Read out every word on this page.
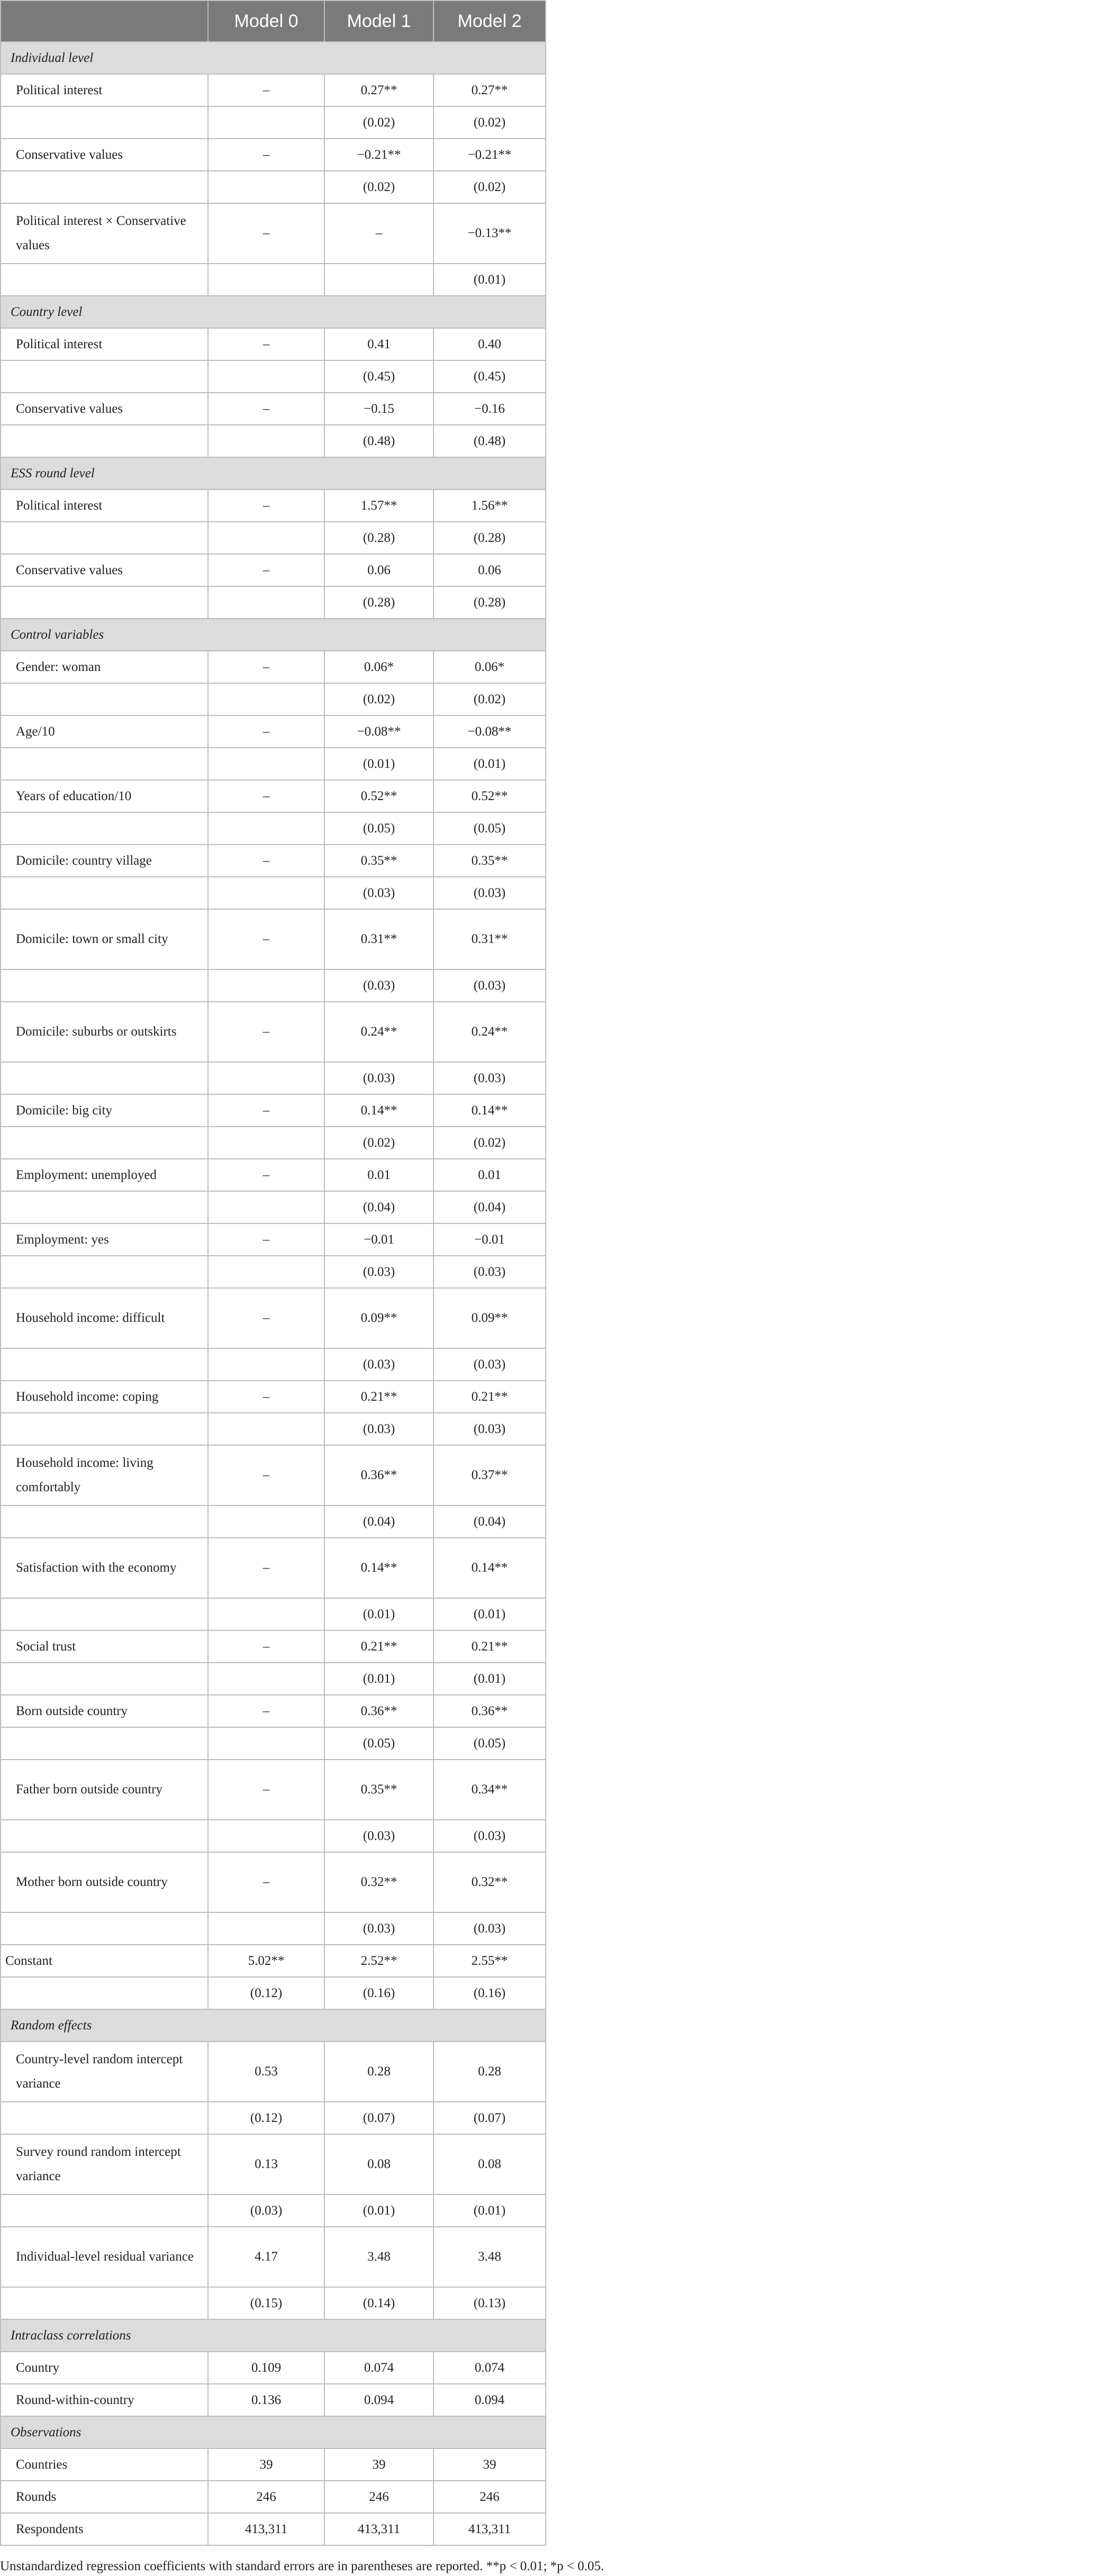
	Model 0	Model 1	Model 2
Individual level			
Political interest	–	0.27**	0.27**
		(0.02)	(0.02)
Conservative values	–	−0.21**	−0.21**
		(0.02)	(0.02)
Political interest × Conservative values	–	–	−0.13**
			(0.01)
Country level			
Political interest	–	0.41	0.40
		(0.45)	(0.45)
Conservative values	–	−0.15	−0.16
		(0.48)	(0.48)
ESS round level			
Political interest	–	1.57**	1.56**
		(0.28)	(0.28)
Conservative values	–	0.06	0.06
		(0.28)	(0.28)
Control variables			
Gender: woman	–	0.06*	0.06*
		(0.02)	(0.02)
Age/10	–	−0.08**	−0.08**
		(0.01)	(0.01)
Years of education/10	–	0.52**	0.52**
		(0.05)	(0.05)
Domicile: country village	–	0.35**	0.35**
		(0.03)	(0.03)
Domicile: town or small city	–	0.31**	0.31**
		(0.03)	(0.03)
Domicile: suburbs or outskirts	–	0.24**	0.24**
		(0.03)	(0.03)
Domicile: big city	–	0.14**	0.14**
		(0.02)	(0.02)
Employment: unemployed	–	0.01	0.01
		(0.04)	(0.04)
Employment: yes	–	−0.01	−0.01
		(0.03)	(0.03)
Household income: difficult	–	0.09**	0.09**
		(0.03)	(0.03)
Household income: coping	–	0.21**	0.21**
		(0.03)	(0.03)
Household income: living comfortably	–	0.36**	0.37**
		(0.04)	(0.04)
Satisfaction with the economy	–	0.14**	0.14**
		(0.01)	(0.01)
Social trust	–	0.21**	0.21**
		(0.01)	(0.01)
Born outside country	–	0.36**	0.36**
		(0.05)	(0.05)
Father born outside country	–	0.35**	0.34**
		(0.03)	(0.03)
Mother born outside country	–	0.32**	0.32**
		(0.03)	(0.03)
Constant	5.02**	2.52**	2.55**
	(0.12)	(0.16)	(0.16)
Random effects			
Country-level random intercept variance	0.53	0.28	0.28
	(0.12)	(0.07)	(0.07)
Survey round random intercept variance	0.13	0.08	0.08
	(0.03)	(0.01)	(0.01)
Individual-level residual variance	4.17	3.48	3.48
	(0.15)	(0.14)	(0.13)
Intraclass correlations			
Country	0.109	0.074	0.074
Round-within-country	0.136	0.094	0.094
Observations			
Countries	39	39	39
Rounds	246	246	246
Respondents	413,311	413,311	413,311
Unstandardized regression coefficients with standard errors are in parentheses are reported. **p < 0.01; *p < 0.05.
